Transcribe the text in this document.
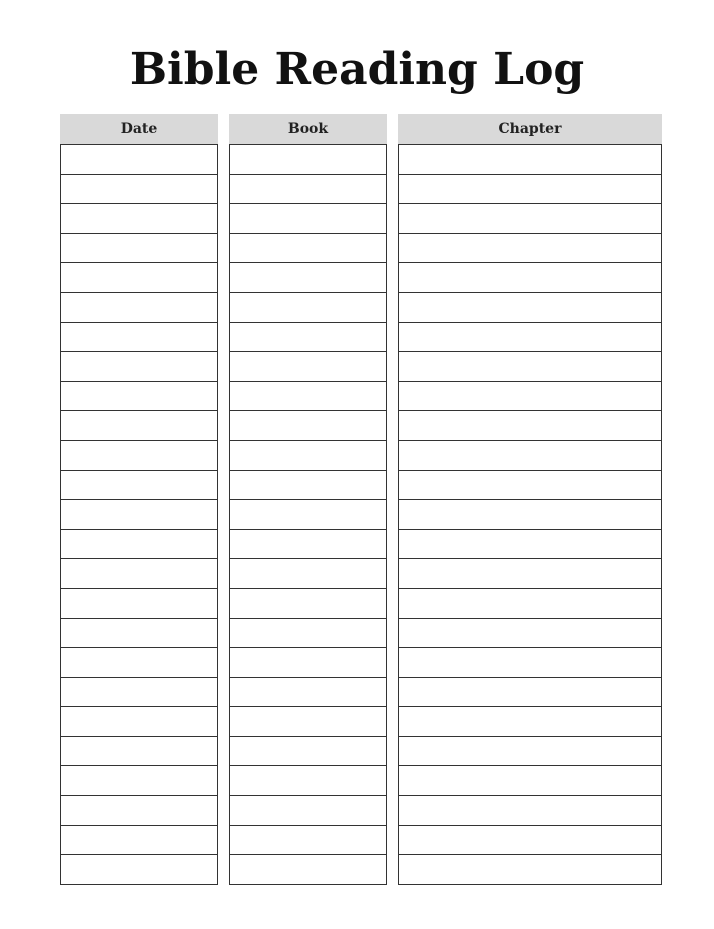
Bible Reading Log
Date	Book	Chapter
